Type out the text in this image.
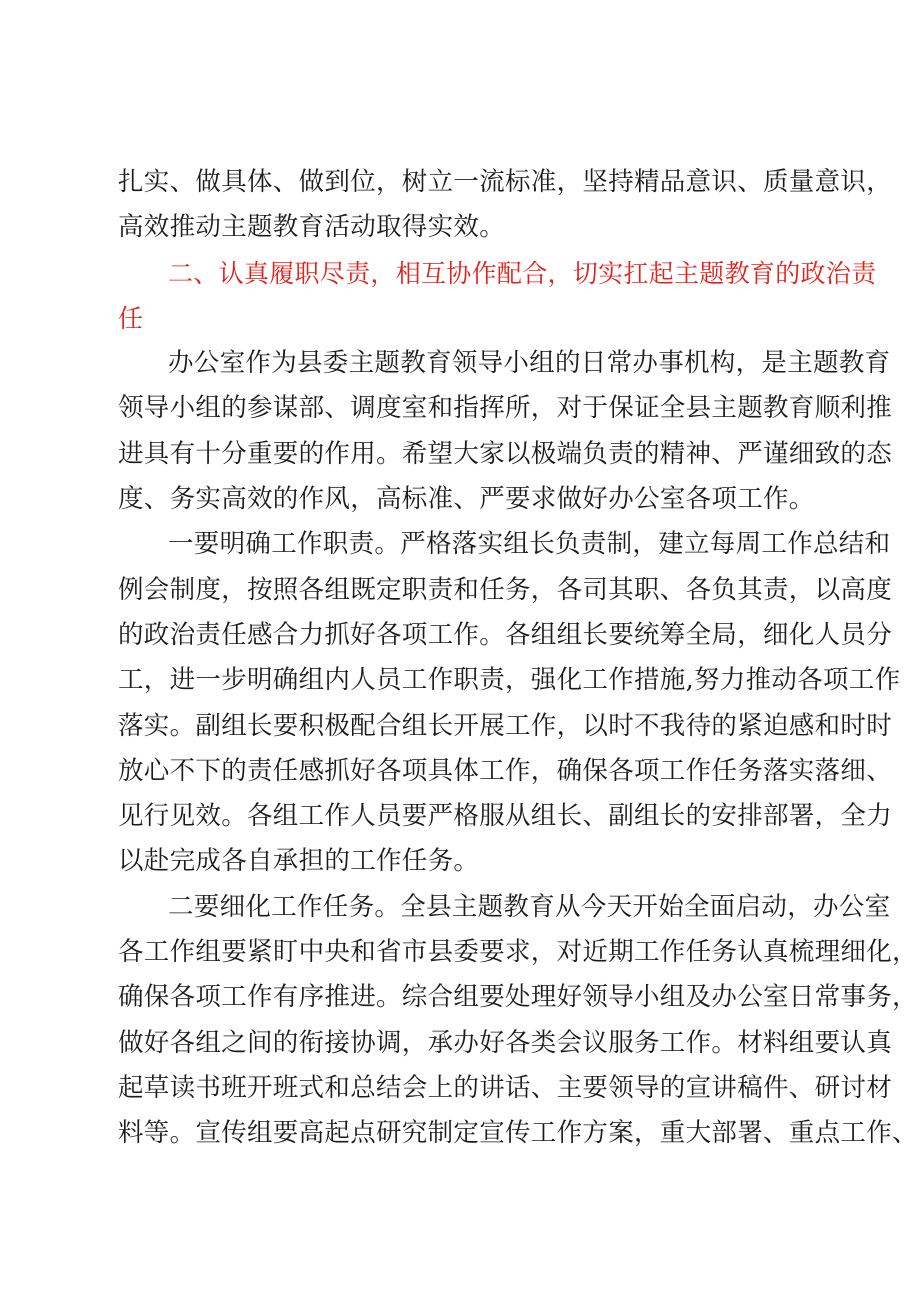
扎实、做具体、做到位，树立一流标准，坚持精品意识、质量意识，
高效推动主题教育活动取得实效。
二、认真履职尽责，相互协作配合，切实扛起主题教育的政治责
任
办公室作为县委主题教育领导小组的日常办事机构，是主题教育
领导小组的参谋部、调度室和指挥所，对于保证全县主题教育顺利推
进具有十分重要的作用。希望大家以极端负责的精神、严谨细致的态
度、务实高效的作风，高标准、严要求做好办公室各项工作。
一要明确工作职责。严格落实组长负责制，建立每周工作总结和
例会制度，按照各组既定职责和任务，各司其职、各负其责，以高度
的政治责任感合力抓好各项工作。各组组长要统筹全局，细化人员分
工，进一步明确组内人员工作职责，强化工作措施,努力推动各项工作
落实。副组长要积极配合组长开展工作，以时不我待的紧迫感和时时
放心不下的责任感抓好各项具体工作，确保各项工作任务落实落细、
见行见效。各组工作人员要严格服从组长、副组长的安排部署，全力
以赴完成各自承担的工作任务。
二要细化工作任务。全县主题教育从今天开始全面启动，办公室
各工作组要紧盯中央和省市县委要求，对近期工作任务认真梳理细化，
确保各项工作有序推进。综合组要处理好领导小组及办公室日常事务，
做好各组之间的衔接协调，承办好各类会议服务工作。材料组要认真
起草读书班开班式和总结会上的讲话、主要领导的宣讲稿件、研讨材
料等。宣传组要高起点研究制定宣传工作方案，重大部署、重点工作、
